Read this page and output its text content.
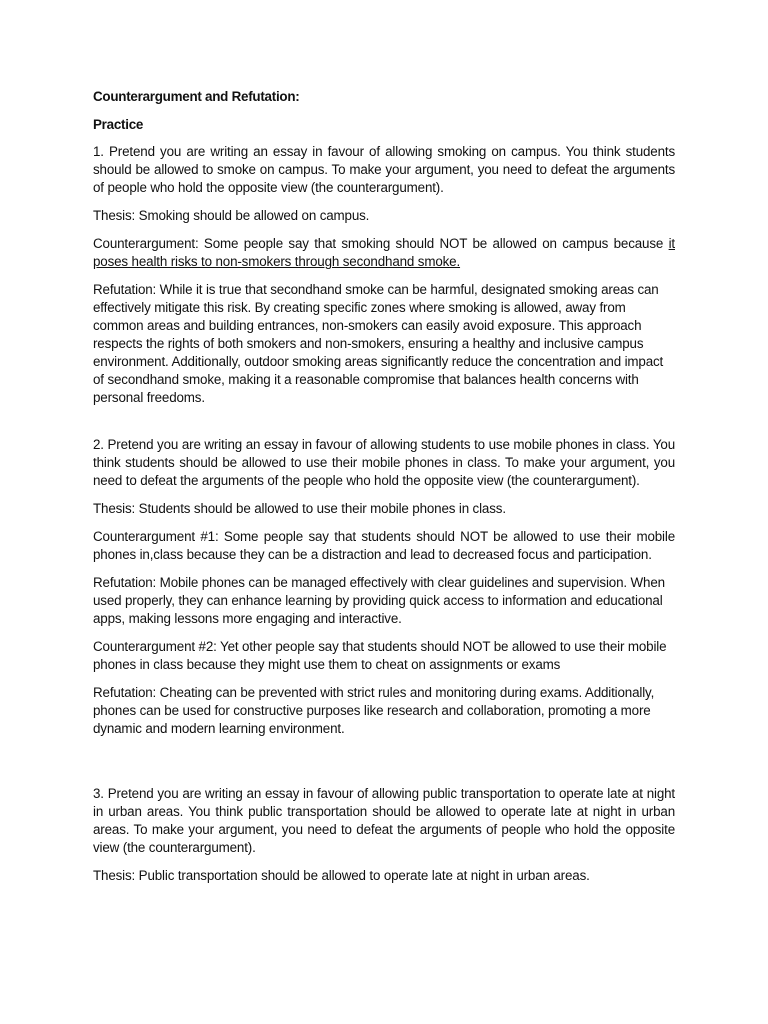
Counterargument and Refutation:
Practice

1. Pretend you are writing an essay in favour of allowing smoking on campus. You think students should be allowed to smoke on campus. To make your argument, you need to defeat the arguments of people who hold the opposite view (the counterargument).

Thesis: Smoking should be allowed on campus.

Counterargument: Some people say that smoking should NOT be allowed on campus because it poses health risks to non-smokers through secondhand smoke.

Refutation: While it is true that secondhand smoke can be harmful, designated smoking areas can effectively mitigate this risk. By creating specific zones where smoking is allowed, away from common areas and building entrances, non-smokers can easily avoid exposure. This approach respects the rights of both smokers and non-smokers, ensuring a healthy and inclusive campus environment. Additionally, outdoor smoking areas significantly reduce the concentration and impact of secondhand smoke, making it a reasonable compromise that balances health concerns with personal freedoms.

2. Pretend you are writing an essay in favour of allowing students to use mobile phones in class. You think students should be allowed to use their mobile phones in class. To make your argument, you need to defeat the arguments of the people who hold the opposite view (the counterargument).

Thesis: Students should be allowed to use their mobile phones in class.

Counterargument #1: Some people say that students should NOT be allowed to use their mobile phones in,class because they can be a distraction and lead to decreased focus and participation.

Refutation: Mobile phones can be managed effectively with clear guidelines and supervision. When used properly, they can enhance learning by providing quick access to information and educational apps, making lessons more engaging and interactive.

Counterargument #2: Yet other people say that students should NOT be allowed to use their mobile phones in class because they might use them to cheat on assignments or exams

Refutation: Cheating can be prevented with strict rules and monitoring during exams. Additionally, phones can be used for constructive purposes like research and collaboration, promoting a more dynamic and modern learning environment.

3. Pretend you are writing an essay in favour of allowing public transportation to operate late at night in urban areas. You think public transportation should be allowed to operate late at night in urban areas. To make your argument, you need to defeat the arguments of people who hold the opposite view (the counterargument).

Thesis: Public transportation should be allowed to operate late at night in urban areas.
